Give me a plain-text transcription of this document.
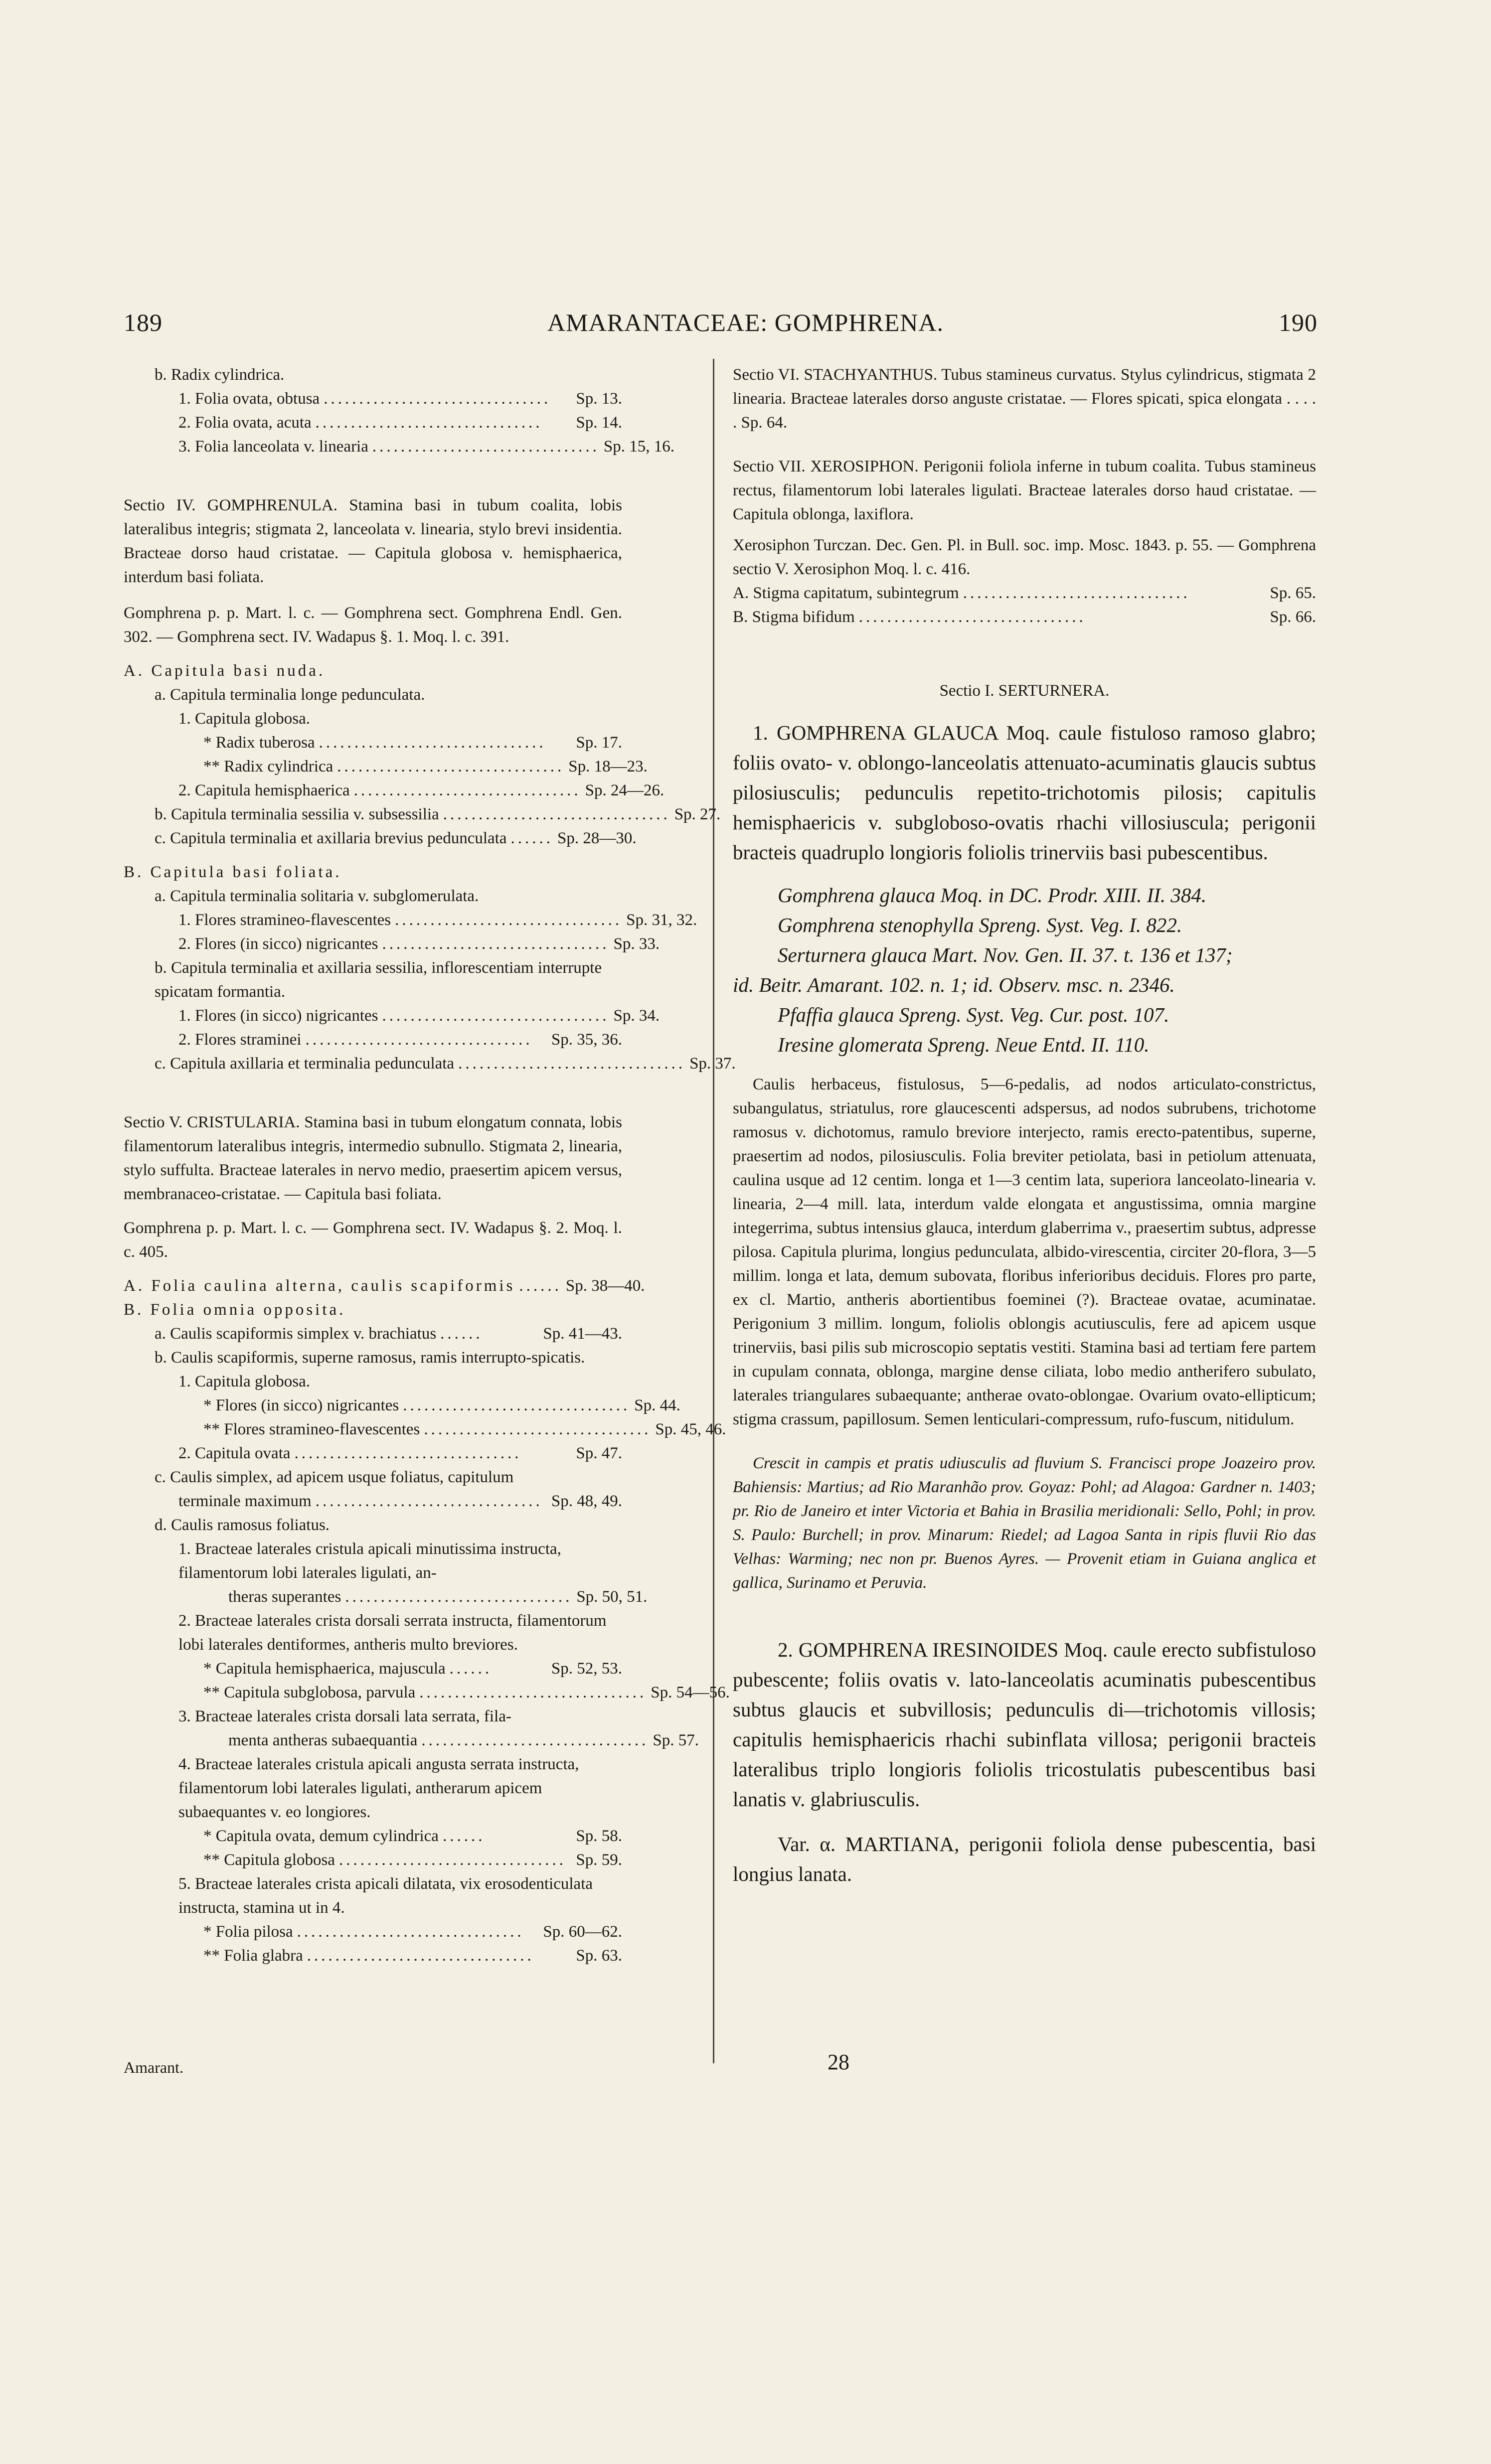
189	AMARANTACEAE: GOMPHRENA.	190
b. Radix cylindrica.
1. Folia ovata, obtusa ................................	Sp. 13.
2. Folia ovata, acuta ................................	Sp. 14.
3. Folia lanceolata v. linearia ................................ Sp. 15, 16.

Sectio IV. GOMPHRENULA. Stamina basi in tubum coalita, lobis lateralibus integris; stigmata 2, lanceolata v. linearia, stylo brevi insidentia. Bracteae dorso haud cristatae. — Capitula globosa v. hemisphaerica, interdum basi foliata.

Gomphrena p. p. Mart. l. c. — Gomphrena sect. Gomphrena Endl. Gen. 302. — Gomphrena sect. IV. Wadapus §. 1. Moq. l. c. 391.

A. Capitula basi nuda.
a. Capitula terminalia longe pedunculata.
1. Capitula globosa.
* Radix tuberosa ................................	Sp. 17.
** Radix cylindrica ................................ Sp. 18—23.
2. Capitula hemisphaerica ................................ Sp. 24—26.
b. Capitula terminalia sessilia v. subsessilia ................................ Sp. 27.
c. Capitula terminalia et axillaria brevius pedunculata ...... Sp. 28—30.
B. Capitula basi foliata.
a. Capitula terminalia solitaria v. subglomerulata.
1. Flores stramineo-flavescentes ................................ Sp. 31, 32.
2. Flores (in sicco) nigricantes ................................ Sp. 33.
b. Capitula terminalia et axillaria sessilia, inflorescentiam interrupte spicatam formantia.
1. Flores (in sicco) nigricantes ................................ Sp. 34.
2. Flores straminei ................................	Sp. 35, 36.
c. Capitula axillaria et terminalia pedunculata ................................ Sp. 37.

Sectio V. CRISTULARIA. Stamina basi in tubum elongatum connata, lobis filamentorum lateralibus integris, intermedio subnullo. Stigmata 2, linearia, stylo suffulta. Bracteae laterales in nervo medio, praesertim apicem versus, membranaceo-cristatae. — Capitula basi foliata.

Gomphrena p. p. Mart. l. c. — Gomphrena sect. IV. Wadapus §. 2. Moq. l. c. 405.

A. Folia caulina alterna, caulis scapiformis ...... Sp. 38—40.
B. Folia omnia opposita.
a. Caulis scapiformis simplex v. brachiatus ......	Sp. 41—43.
b. Caulis scapiformis, superne ramosus, ramis interrupto-spicatis.
1. Capitula globosa.
* Flores (in sicco) nigricantes ................................ Sp. 44.
** Flores stramineo-flavescentes ................................ Sp. 45, 46.
2. Capitula ovata ................................	Sp. 47.
c. Caulis simplex, ad apicem usque foliatus, capitulum
terminale maximum ................................ Sp. 48, 49.
d. Caulis ramosus foliatus.
1. Bracteae laterales cristula apicali minutissima instructa, filamentorum lobi laterales ligulati, an-
theras superantes ................................ Sp. 50, 51.
2. Bracteae laterales crista dorsali serrata instructa, filamentorum lobi laterales dentiformes, antheris multo breviores.
* Capitula hemisphaerica, majuscula ......	Sp. 52, 53.
** Capitula subglobosa, parvula ................................ Sp. 54—56.
3. Bracteae laterales crista dorsali lata serrata, fila-
menta antheras subaequantia ................................ Sp. 57.
4. Bracteae laterales cristula apicali angusta serrata instructa, filamentorum lobi laterales ligulati, antherarum apicem subaequantes v. eo longiores.
* Capitula ovata, demum cylindrica ......	Sp. 58.
** Capitula globosa ................................ Sp. 59.
5. Bracteae laterales crista apicali dilatata, vix erosodenticulata instructa, stamina ut in 4.
* Folia pilosa ................................	Sp. 60—62.
** Folia glabra ................................	Sp. 63.
Amarant.

Sectio VI. STACHYANTHUS. Tubus stamineus curvatus. Stylus cylindricus, stigmata 2 linearia. Bracteae laterales dorso anguste cristatae. — Flores spicati, spica elongata . . . . . Sp. 64.

Sectio VII. XEROSIPHON. Perigonii foliola inferne in tubum coalita. Tubus stamineus rectus, filamentorum lobi laterales ligulati. Bracteae laterales dorso haud cristatae. — Capitula oblonga, laxiflora.

Xerosiphon Turczan. Dec. Gen. Pl. in Bull. soc. imp. Mosc. 1843. p. 55. — Gomphrena sectio V. Xerosiphon Moq. l. c. 416.

A. Stigma capitatum, subintegrum ................................	Sp. 65.
B. Stigma bifidum ................................	Sp. 66.
Sectio I. SERTURNERA.

1. GOMPHRENA GLAUCA Moq. caule fistuloso ramoso glabro; foliis ovato- v. oblongo-lanceolatis attenuato-acuminatis glaucis subtus pilosiusculis; pedunculis repetito-trichotomis pilosis; capitulis hemisphaericis v. subgloboso-ovatis rhachi villosiuscula; perigonii bracteis quadruplo longioris foliolis trinerviis basi pubescentibus.

Gomphrena glauca Moq. in DC. Prodr. XIII. II. 384.
Gomphrena stenophylla Spreng. Syst. Veg. I. 822.
Serturnera glauca Mart. Nov. Gen. II. 37. t. 136 et 137;
id. Beitr. Amarant. 102. n. 1; id. Observ. msc. n. 2346.
Pfaffia glauca Spreng. Syst. Veg. Cur. post. 107.
Iresine glomerata Spreng. Neue Entd. II. 110.

Caulis herbaceus, fistulosus, 5—6-pedalis, ad nodos articulato-constrictus, subangulatus, striatulus, rore glaucescenti adspersus, ad nodos subrubens, trichotome ramosus v. dichotomus, ramulo breviore interjecto, ramis erecto-patentibus, superne, praesertim ad nodos, pilosiusculis. Folia breviter petiolata, basi in petiolum attenuata, caulina usque ad 12 centim. longa et 1—3 centim lata, superiora lanceolato-linearia v. linearia, 2—4 mill. lata, interdum valde elongata et angustissima, omnia margine integerrima, subtus intensius glauca, interdum glaberrima v., praesertim subtus, adpresse pilosa. Capitula plurima, longius pedunculata, albido-virescentia, circiter 20-flora, 3—5 millim. longa et lata, demum subovata, floribus inferioribus deciduis. Flores pro parte, ex cl. Martio, antheris abortientibus foeminei (?). Bracteae ovatae, acuminatae. Perigonium 3 millim. longum, foliolis oblongis acutiusculis, fere ad apicem usque trinerviis, basi pilis sub microscopio septatis vestiti. Stamina basi ad tertiam fere partem in cupulam connata, oblonga, margine dense ciliata, lobo medio antherifero subulato, laterales triangulares subaequante; antherae ovato-oblongae. Ovarium ovato-ellipticum; stigma crassum, papillosum. Semen lenticulari-compressum, rufo-fuscum, nitidulum.

Crescit in campis et pratis udiusculis ad fluvium S. Francisci prope Joazeiro prov. Bahiensis: Martius; ad Rio Maranhão prov. Goyaz: Pohl; ad Alagoa: Gardner n. 1403; pr. Rio de Janeiro et inter Victoria et Bahia in Brasilia meridionali: Sello, Pohl; in prov. S. Paulo: Burchell; in prov. Minarum: Riedel; ad Lagoa Santa in ripis fluvii Rio das Velhas: Warming; nec non pr. Buenos Ayres. — Provenit etiam in Guiana anglica et gallica, Surinamo et Peruvia.

2. GOMPHRENA IRESINOIDES Moq. caule erecto subfistuloso pubescente; foliis ovatis v. lato-lanceolatis acuminatis pubescentibus subtus glaucis et subvillosis; pedunculis di—trichotomis villosis; capitulis hemisphaericis rhachi subinflata villosa; perigonii bracteis lateralibus triplo longioris foliolis tricostulatis pubescentibus basi lanatis v. glabriusculis.

Var. α. MARTIANA, perigonii foliola dense pubescentia, basi longius lanata.

28
